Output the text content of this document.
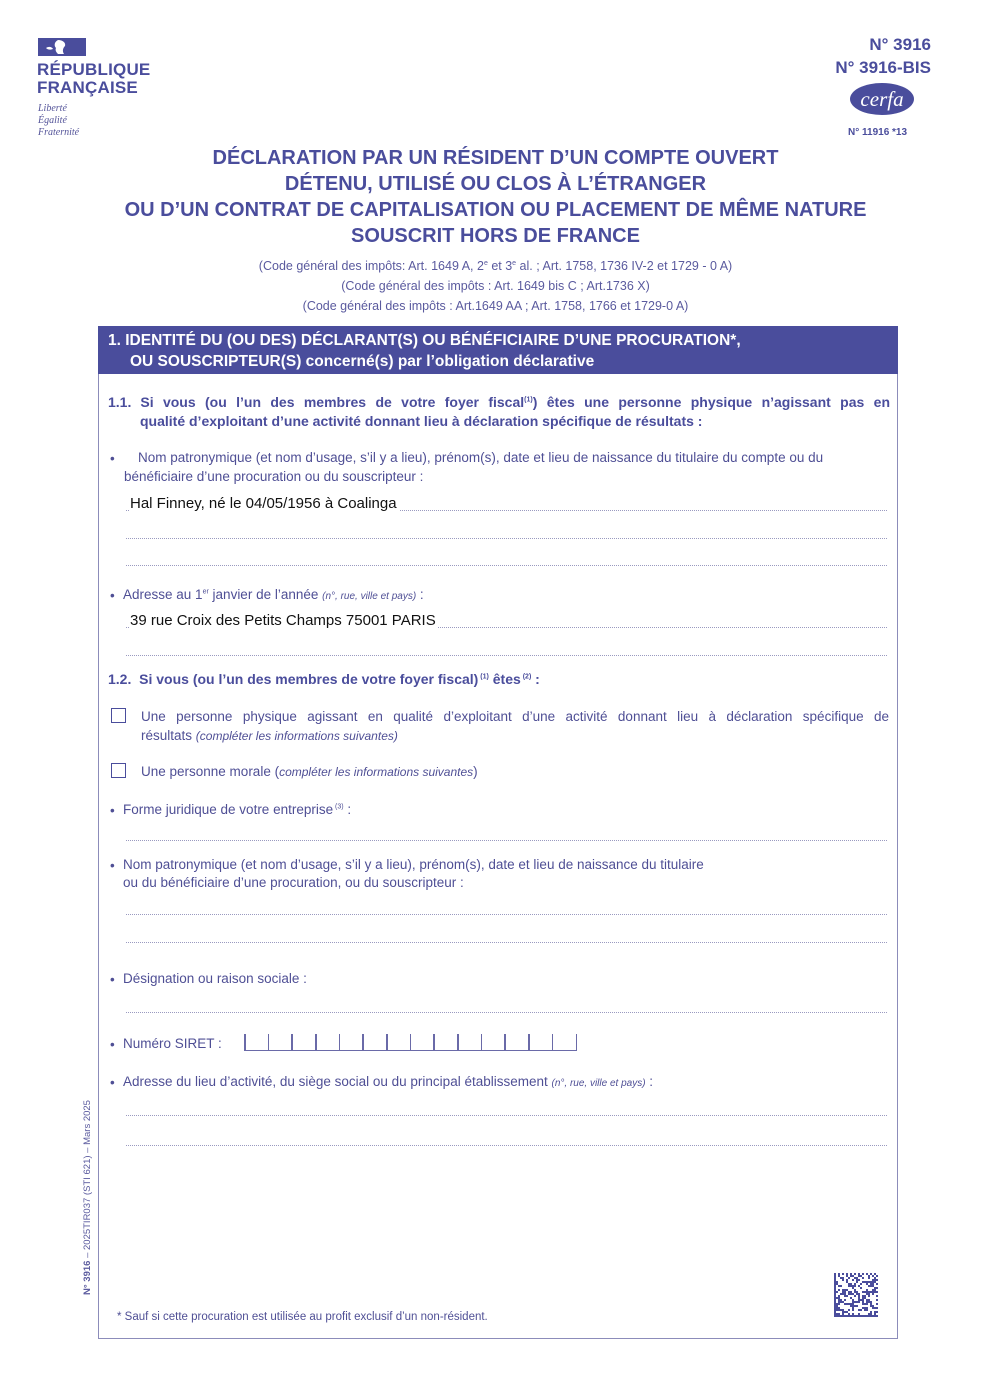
RÉPUBLIQUE
FRANÇAISE
Liberté
Égalité
Fraternité
N° 3916
N° 3916-BIS
cerfa
N° 11916 *13
DÉCLARATION PAR UN RÉSIDENT D’UN COMPTE OUVERT
DÉTENU, UTILISÉ OU CLOS À L’ÉTRANGER
OU D’UN CONTRAT DE CAPITALISATION OU PLACEMENT DE MÊME NATURE
SOUSCRIT HORS DE FRANCE
(Code général des impôts: Art. 1649 A, 2e et 3e al. ; Art. 1758, 1736 IV-2 et 1729 - 0 A)
(Code général des impôts : Art. 1649 bis C ; Art.1736 X)
(Code général des impôts : Art.1649 AA ; Art. 1758, 1766 et 1729-0 A)
1. IDENTITÉ DU (OU DES) DÉCLARANT(S) OU BÉNÉFICIAIRE D’UNE PROCURATION*,
OU SOUSCRIPTEUR(S) concerné(s) par l’obligation déclarative
1.1. Si vous (ou l’un des membres de votre foyer fiscal$^{(1)}$) êtes une personne physique n’agissant pas en
qualité d’exploitant d’une activité donnant lieu à déclaration spécifique de résultats :
• Nom patronymique (et nom d’usage, s’il y a lieu), prénom(s), date et lieu de naissance du titulaire du compte ou du
bénéficiaire d’une procuration ou du souscripteur :
Hal Finney, né le 04/05/1956 à Coalinga
• Adresse au 1er janvier de l’année (n°, rue, ville et pays) :
39 rue Croix des Petits Champs 75001 PARIS
1.2. Si vous (ou l’un des membres de votre foyer fiscal) $^{(1)}$ êtes $^{(2)}$ :
Une personne physique agissant en qualité d’exploitant d’une activité donnant lieu à déclaration spécifique de
résultats (compléter les informations suivantes)
Une personne morale (compléter les informations suivantes)
• Forme juridique de votre entreprise $^{(3)}$ :
• Nom patronymique (et nom d’usage, s’il y a lieu), prénom(s), date et lieu de naissance du titulaire
ou du bénéficiaire d’une procuration, ou du souscripteur :
• Désignation ou raison sociale :
• Numéro SIRET :
• Adresse du lieu d’activité, du siège social ou du principal établissement (n°, rue, ville et pays) :
N° 3916 – 2025TIR037 (STI 621) – Mars 2025
* Sauf si cette procuration est utilisée au profit exclusif d’un non-résident.
